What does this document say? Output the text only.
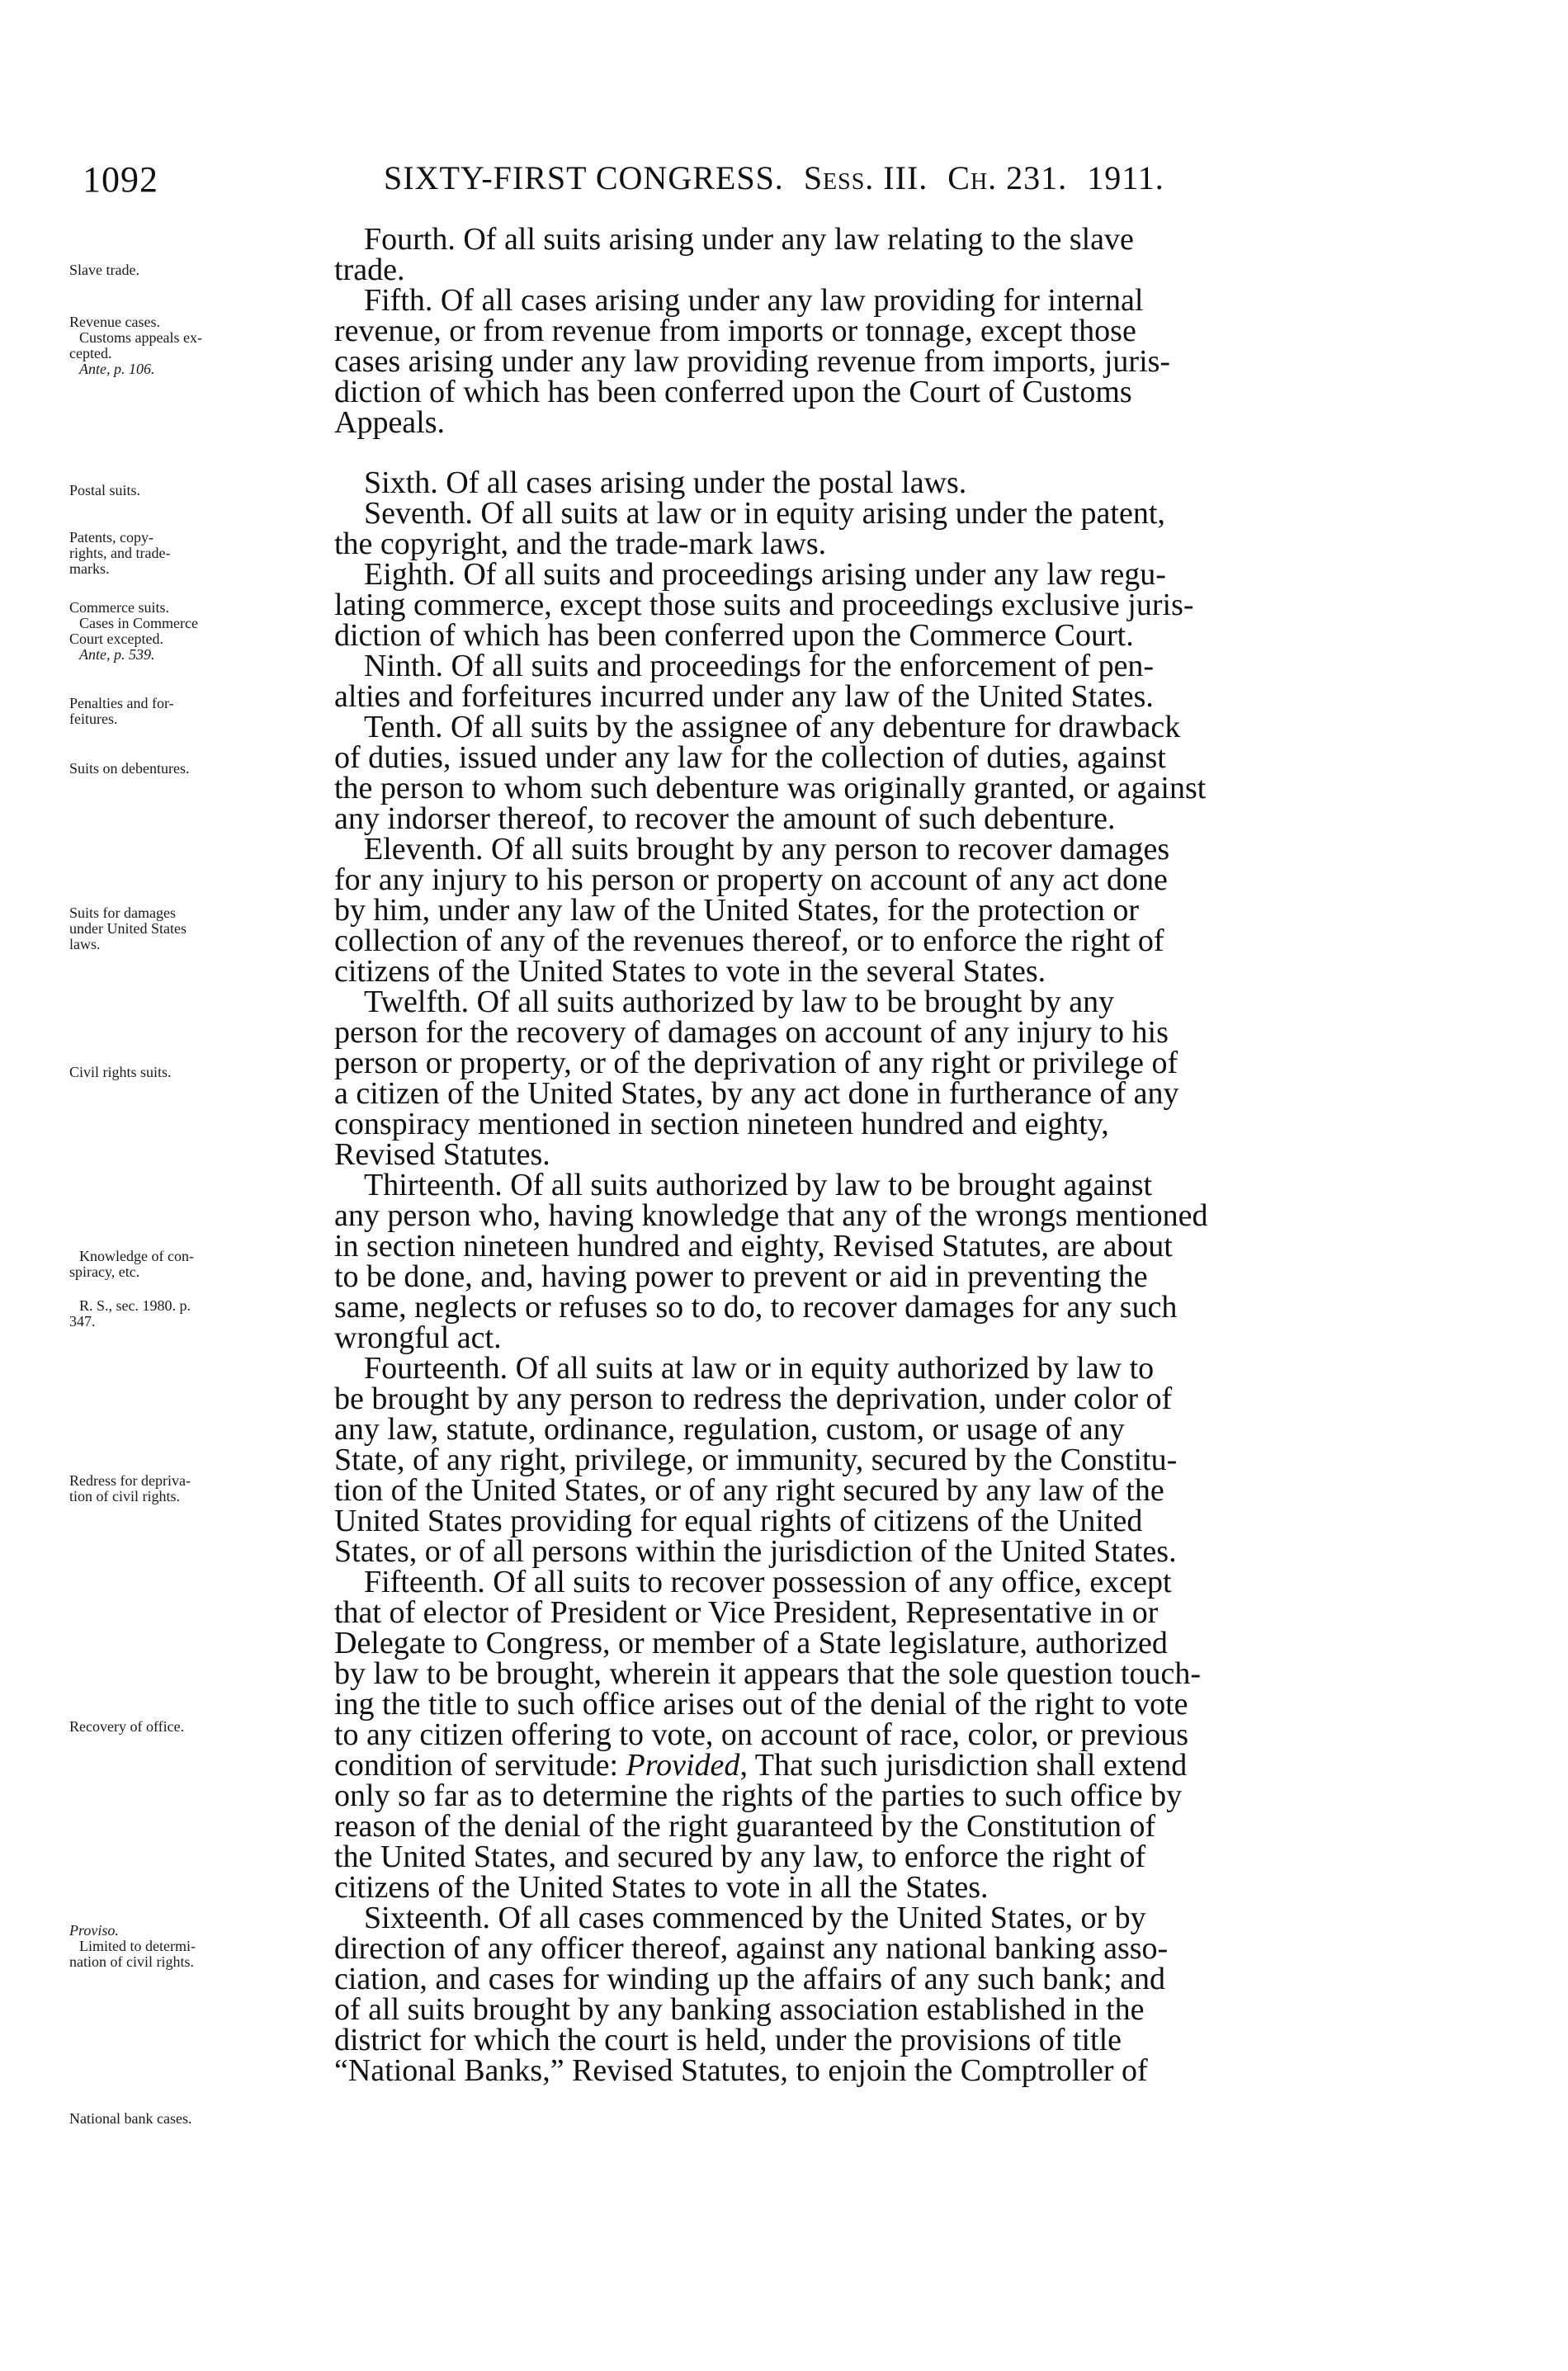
1092	SIXTY-FIRST CONGRESS. Sess. III. Ch. 231. 1911.
Slave trade.
Revenue cases.
Customs appeals ex-
cepted.
Ante, p. 106.
Postal suits.
Patents, copy-
rights, and trade-
marks.
Commerce suits.
Cases in Commerce
Court excepted.
Ante, p. 539.
Penalties and for-
feitures.
Suits on debentures.
Suits for damages
under United States
laws.
Civil rights suits.
Knowledge of con-
spiracy, etc.
R. S., sec. 1980. p.
347.
Redress for depriva-
tion of civil rights.
Recovery of office.
Proviso.
Limited to determi-
nation of civil rights.
National bank cases.
Fourth. Of all suits arising under any law relating to the slave
trade.
Fifth. Of all cases arising under any law providing for internal
revenue, or from revenue from imports or tonnage, except those
cases arising under any law providing revenue from imports, juris-
diction of which has been conferred upon the Court of Customs
Appeals.
Sixth. Of all cases arising under the postal laws.
Seventh. Of all suits at law or in equity arising under the patent,
the copyright, and the trade-mark laws.
Eighth. Of all suits and proceedings arising under any law regu-
lating commerce, except those suits and proceedings exclusive juris-
diction of which has been conferred upon the Commerce Court.
Ninth. Of all suits and proceedings for the enforcement of pen-
alties and forfeitures incurred under any law of the United States.
Tenth. Of all suits by the assignee of any debenture for drawback
of duties, issued under any law for the collection of duties, against
the person to whom such debenture was originally granted, or against
any indorser thereof, to recover the amount of such debenture.
Eleventh. Of all suits brought by any person to recover damages
for any injury to his person or property on account of any act done
by him, under any law of the United States, for the protection or
collection of any of the revenues thereof, or to enforce the right of
citizens of the United States to vote in the several States.
Twelfth. Of all suits authorized by law to be brought by any
person for the recovery of damages on account of any injury to his
person or property, or of the deprivation of any right or privilege of
a citizen of the United States, by any act done in furtherance of any
conspiracy mentioned in section nineteen hundred and eighty,
Revised Statutes.
Thirteenth. Of all suits authorized by law to be brought against
any person who, having knowledge that any of the wrongs mentioned
in section nineteen hundred and eighty, Revised Statutes, are about
to be done, and, having power to prevent or aid in preventing the
same, neglects or refuses so to do, to recover damages for any such
wrongful act.
Fourteenth. Of all suits at law or in equity authorized by law to
be brought by any person to redress the deprivation, under color of
any law, statute, ordinance, regulation, custom, or usage of any
State, of any right, privilege, or immunity, secured by the Constitu-
tion of the United States, or of any right secured by any law of the
United States providing for equal rights of citizens of the United
States, or of all persons within the jurisdiction of the United States.
Fifteenth. Of all suits to recover possession of any office, except
that of elector of President or Vice President, Representative in or
Delegate to Congress, or member of a State legislature, authorized
by law to be brought, wherein it appears that the sole question touch-
ing the title to such office arises out of the denial of the right to vote
to any citizen offering to vote, on account of race, color, or previous
condition of servitude: Provided, That such jurisdiction shall extend
only so far as to determine the rights of the parties to such office by
reason of the denial of the right guaranteed by the Constitution of
the United States, and secured by any law, to enforce the right of
citizens of the United States to vote in all the States.
Sixteenth. Of all cases commenced by the United States, or by
direction of any officer thereof, against any national banking asso-
ciation, and cases for winding up the affairs of any such bank; and
of all suits brought by any banking association established in the
district for which the court is held, under the provisions of title
“National Banks,” Revised Statutes, to enjoin the Comptroller of
